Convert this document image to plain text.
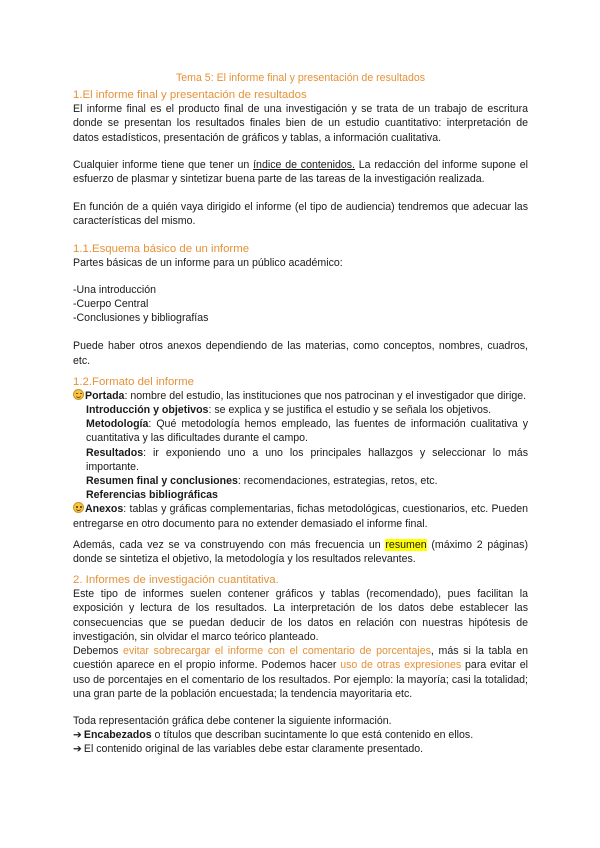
Tema 5: El informe final y presentación de resultados

1.El informe final y presentación de resultados

El informe final es el producto final de una investigación y se trata de un trabajo de escritura donde se presentan los resultados finales bien de un estudio cuantitativo: interpretación de datos estadísticos, presentación de gráficos y tablas, a información cualitativa.

Cualquier informe tiene que tener un índice de contenidos. La redacción del informe supone el esfuerzo de plasmar y sintetizar buena parte de las tareas de la investigación realizada.

En función de a quién vaya dirigido el informe (el tipo de audiencia) tendremos que adecuar las características del mismo.

1.1.Esquema básico de un informe

Partes básicas de un informe para un público académico:

-Una introducción

-Cuerpo Central

-Conclusiones y bibliografías

Puede haber otros anexos dependiendo de las materias, como conceptos, nombres, cuadros, etc.

1.2.Formato del informe

Portada: nombre del estudio, las instituciones que nos patrocinan y el investigador que dirige.

Introducción y objetivos: se explica y se justifica el estudio y se señala los objetivos.

Metodología: Qué metodología hemos empleado, las fuentes de información cualitativa y cuantitativa y las dificultades durante el campo.

Resultados: ir exponiendo uno a uno los principales hallazgos y seleccionar lo más importante.

Resumen final y conclusiones: recomendaciones, estrategias, retos, etc.

Referencias bibliográficas

Anexos: tablas y gráficas complementarias, fichas metodológicas, cuestionarios, etc. Pueden entregarse en otro documento para no extender demasiado el informe final.

Además, cada vez se va construyendo con más frecuencia un resumen (máximo 2 páginas) donde se sintetiza el objetivo, la metodología y los resultados relevantes.

2. Informes de investigación cuantitativa.

Este tipo de informes suelen contener gráficos y tablas (recomendado), pues facilitan la exposición y lectura de los resultados. La interpretación de los datos debe establecer las consecuencias que se puedan deducir de los datos en relación con nuestras hipótesis de investigación, sin olvidar el marco teórico planteado.

Debemos evitar sobrecargar el informe con el comentario de porcentajes, más si la tabla en cuestión aparece en el propio informe. Podemos hacer uso de otras expresiones para evitar el uso de porcentajes en el comentario de los resultados. Por ejemplo: la mayoría; casi la totalidad; una gran parte de la población encuestada; la tendencia mayoritaria etc.

Toda representación gráfica debe contener la siguiente información.

➔ Encabezados o títulos que describan sucintamente lo que está contenido en ellos.

➔ El contenido original de las variables debe estar claramente presentado.
